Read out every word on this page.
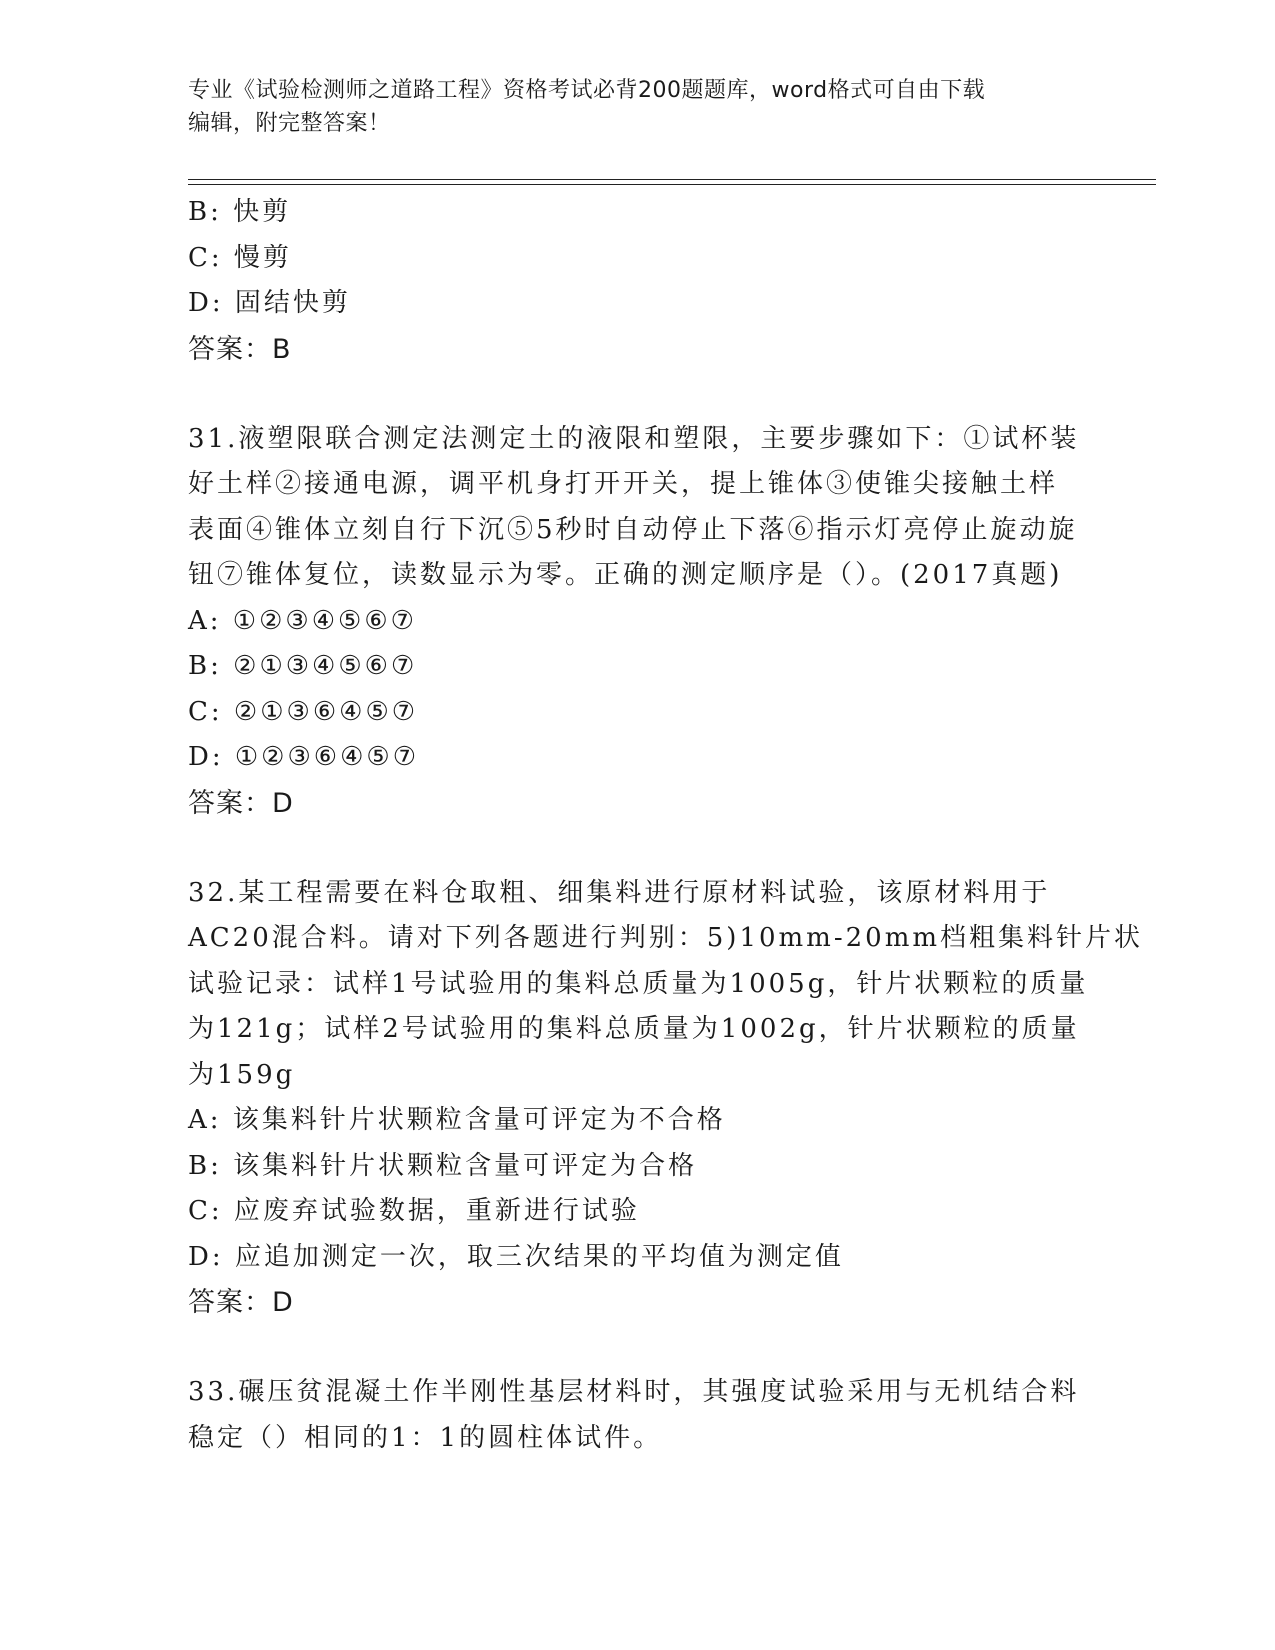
专业《试验检测师之道路工程》资格考试必背200题题库，word格式可自由下载
编辑，附完整答案！
B: 快剪
C: 慢剪
D: 固结快剪
答案：B
31.液塑限联合测定法测定土的液限和塑限，主要步骤如下：①试杯装
好土样②接通电源，调平机身打开开关，提上锥体③使锥尖接触土样
表面④锥体立刻自行下沉⑤5秒时自动停止下落⑥指示灯亮停止旋动旋
钮⑦锥体复位，读数显示为零。正确的测定顺序是（）。(2017真题)
A: ①②③④⑤⑥⑦
B: ②①③④⑤⑥⑦
C: ②①③⑥④⑤⑦
D: ①②③⑥④⑤⑦
答案：D
32.某工程需要在料仓取粗、细集料进行原材料试验，该原材料用于
AC20混合料。请对下列各题进行判别：5)10mm-20mm档粗集料针片状
试验记录：试样1号试验用的集料总质量为1005g，针片状颗粒的质量
为121g；试样2号试验用的集料总质量为1002g，针片状颗粒的质量
为159g
A: 该集料针片状颗粒含量可评定为不合格
B: 该集料针片状颗粒含量可评定为合格
C: 应废弃试验数据，重新进行试验
D: 应追加测定一次，取三次结果的平均值为测定值
答案：D
33.碾压贫混凝土作半刚性基层材料时，其强度试验采用与无机结合料
稳定（）相同的1：1的圆柱体试件。
